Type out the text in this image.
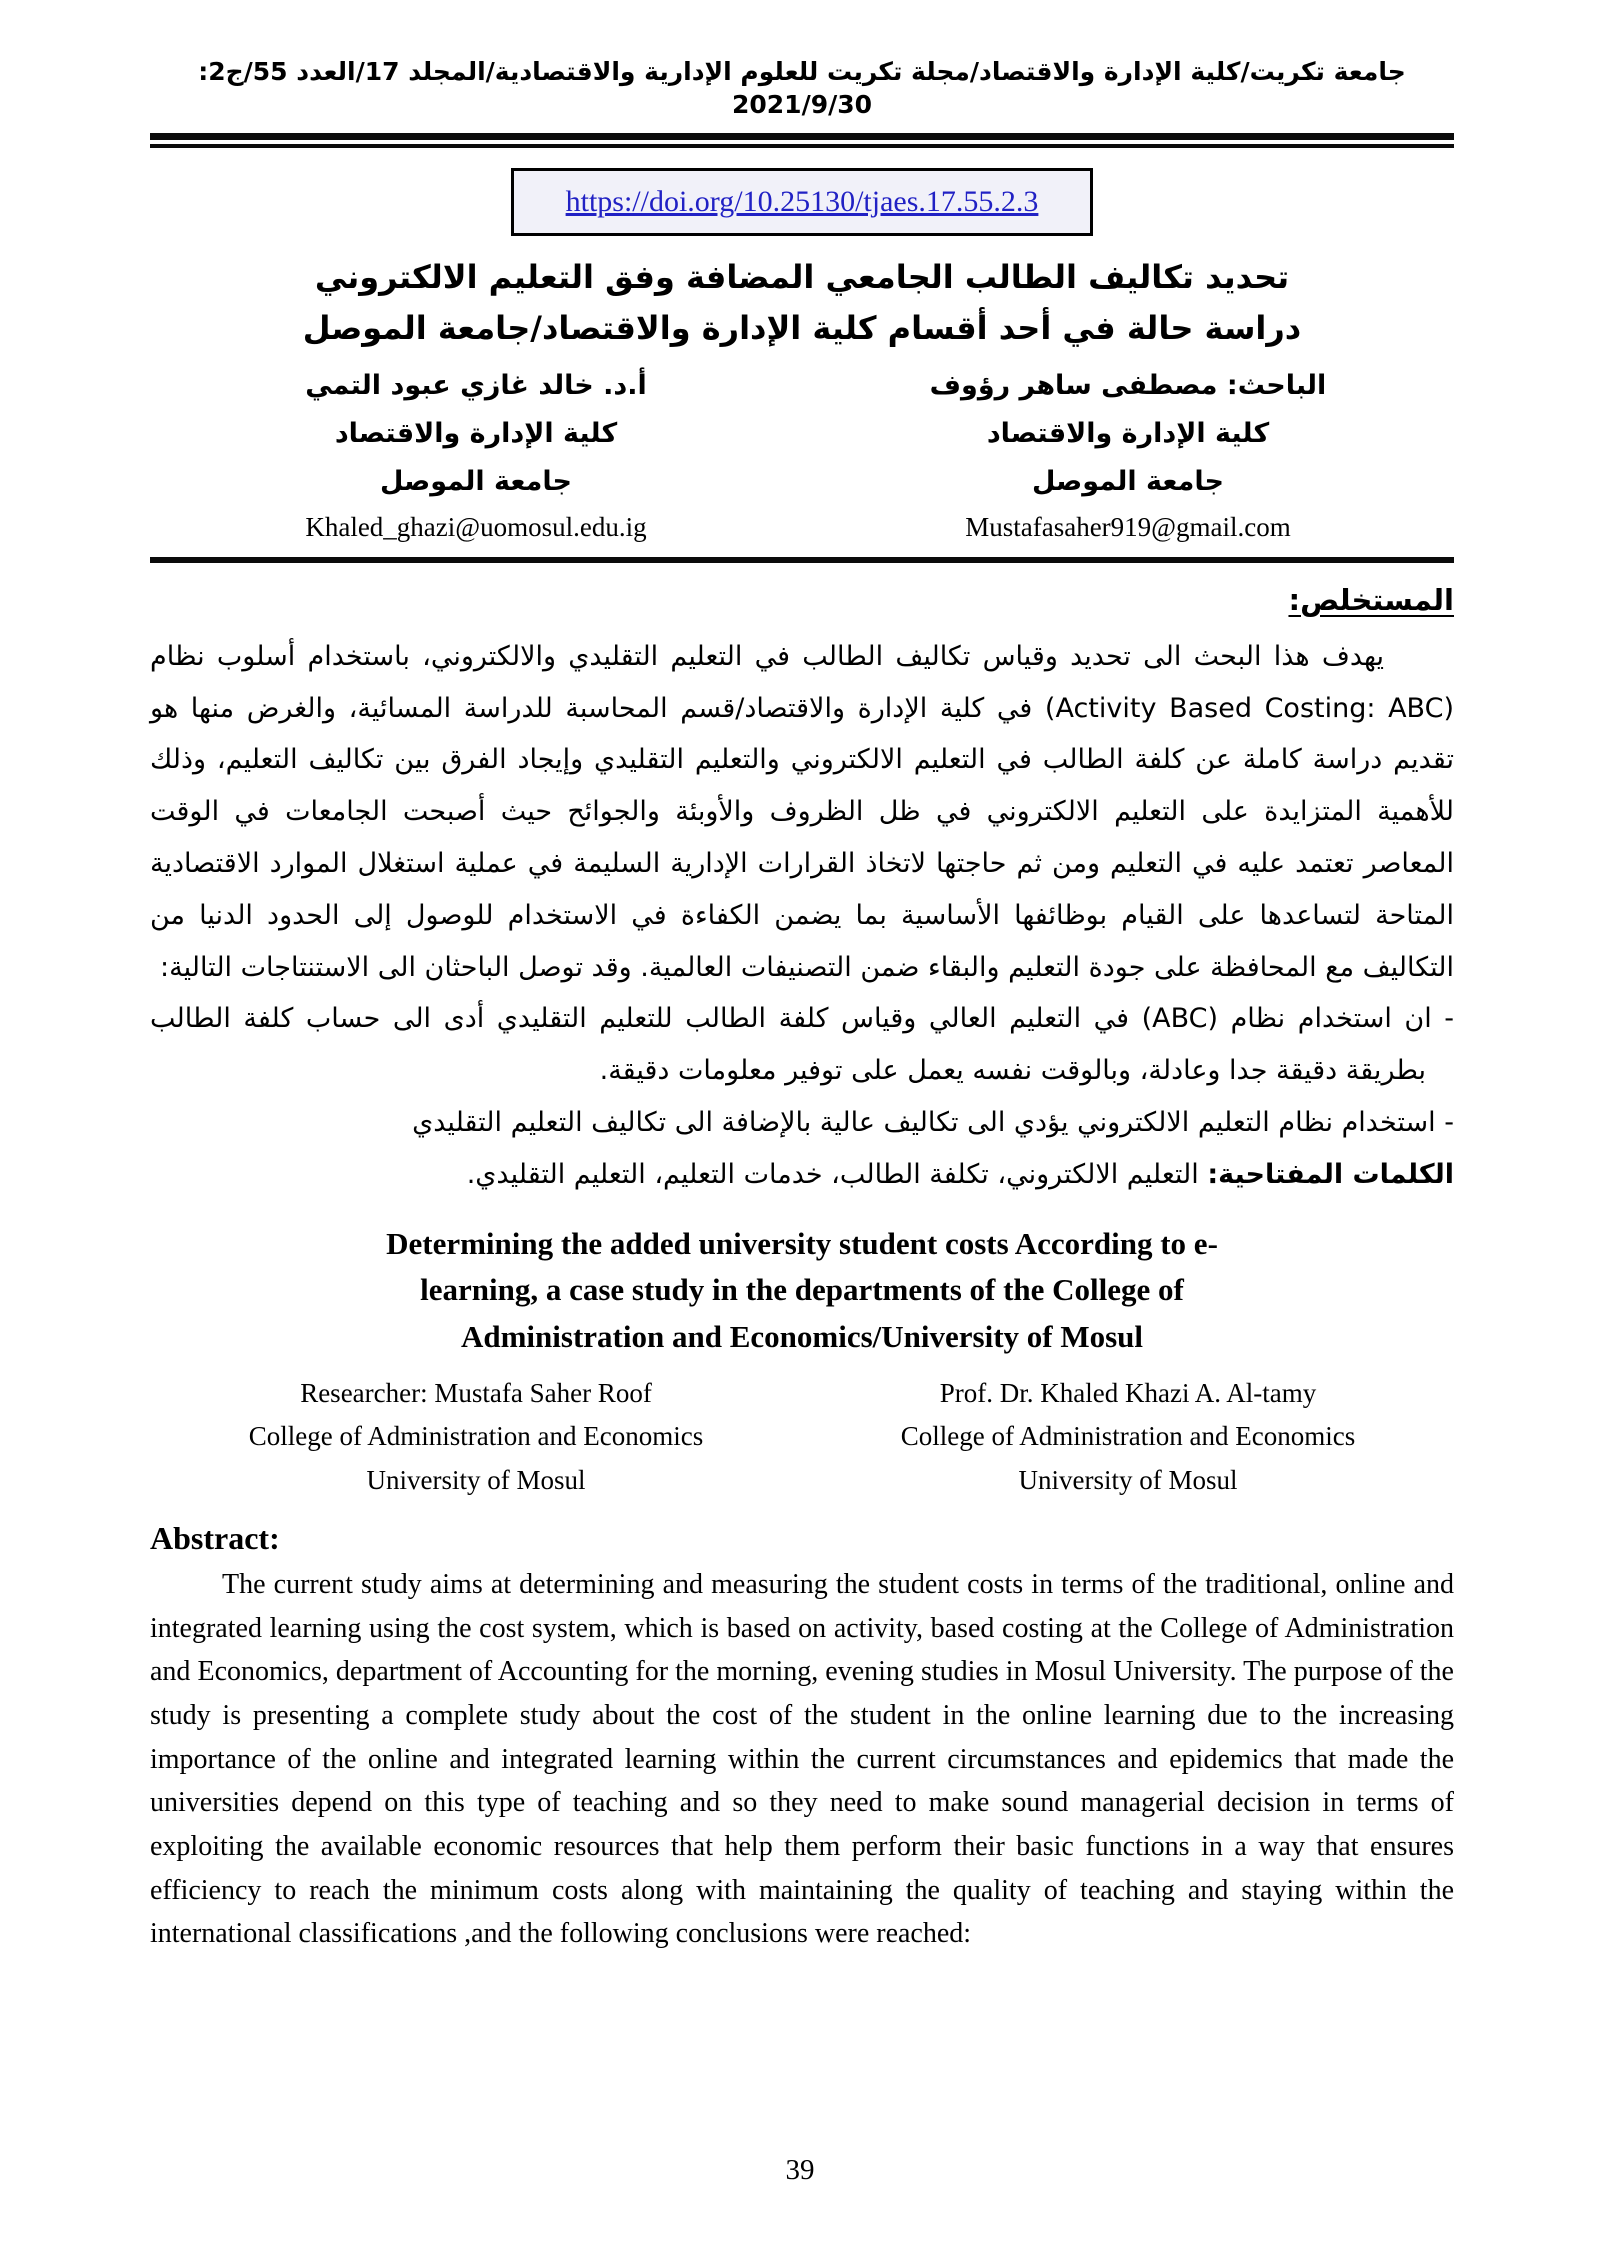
جامعة تكريت/كلية الإدارة والاقتصاد/مجلة تكريت للعلوم الإدارية والاقتصادية/المجلد 17/العدد 55/ج2: 2021/9/30
https://doi.org/10.25130/tjaes.17.55.2.3
تحديد تكاليف الطالب الجامعي المضافة وفق التعليم الالكتروني
دراسة حالة في أحد أقسام كلية الإدارة والاقتصاد/جامعة الموصل
الباحث: مصطفى ساهر رؤوف
كلية الإدارة والاقتصاد
جامعة الموصل
Mustafasaher919@gmail.com
أ.د. خالد غازي عبود التمي
كلية الإدارة والاقتصاد
جامعة الموصل
Khaled_ghazi@uomosul.edu.ig
المستخلص:

يهدف هذا البحث الى تحديد وقياس تكاليف الطالب في التعليم التقليدي والالكتروني، باستخدام أسلوب نظام (Activity Based Costing: ABC) في كلية الإدارة والاقتصاد/قسم المحاسبة للدراسة المسائية، والغرض منها هو تقديم دراسة كاملة عن كلفة الطالب في التعليم الالكتروني والتعليم التقليدي وإيجاد الفرق بين تكاليف التعليم، وذلك للأهمية المتزايدة على التعليم الالكتروني في ظل الظروف والأوبئة والجوائح حيث أصبحت الجامعات في الوقت المعاصر تعتمد عليه في التعليم ومن ثم حاجتها لاتخاذ القرارات الإدارية السليمة في عملية استغلال الموارد الاقتصادية المتاحة لتساعدها على القيام بوظائفها الأساسية بما يضمن الكفاءة في الاستخدام للوصول إلى الحدود الدنيا من التكاليف مع المحافظة على جودة التعليم والبقاء ضمن التصنيفات العالمية. وقد توصل الباحثان الى الاستنتاجات التالية:

- ان استخدام نظام (ABC) في التعليم العالي وقياس كلفة الطالب للتعليم التقليدي أدى الى حساب كلفة الطالب بطريقة دقيقة جدا وعادلة، وبالوقت نفسه يعمل على توفير معلومات دقيقة.

- استخدام نظام التعليم الالكتروني يؤدي الى تكاليف عالية بالإضافة الى تكاليف التعليم التقليدي

الكلمات المفتاحية: التعليم الالكتروني، تكلفة الطالب، خدمات التعليم، التعليم التقليدي.

Determining the added university student costs According to e-
learning, a case study in the departments of the College of
Administration and Economics/University of Mosul
Researcher: Mustafa Saher Roof
College of Administration and Economics
University of Mosul
Prof. Dr. Khaled Khazi A. Al-tamy
College of Administration and Economics
University of Mosul
Abstract:

The current study aims at determining and measuring the student costs in terms of the traditional, online and integrated learning using the cost system, which is based on activity, based costing at the College of Administration and Economics, department of Accounting for the morning, evening studies in Mosul University. The purpose of the study is presenting a complete study about the cost of the student in the online learning due to the increasing importance of the online and integrated learning within the current circumstances and epidemics that made the universities depend on this type of teaching and so they need to make sound managerial decision in terms of exploiting the available economic resources that help them perform their basic functions in a way that ensures efficiency to reach the minimum costs along with maintaining the quality of teaching and staying within the international classifications ,and the following conclusions were reached:

39
